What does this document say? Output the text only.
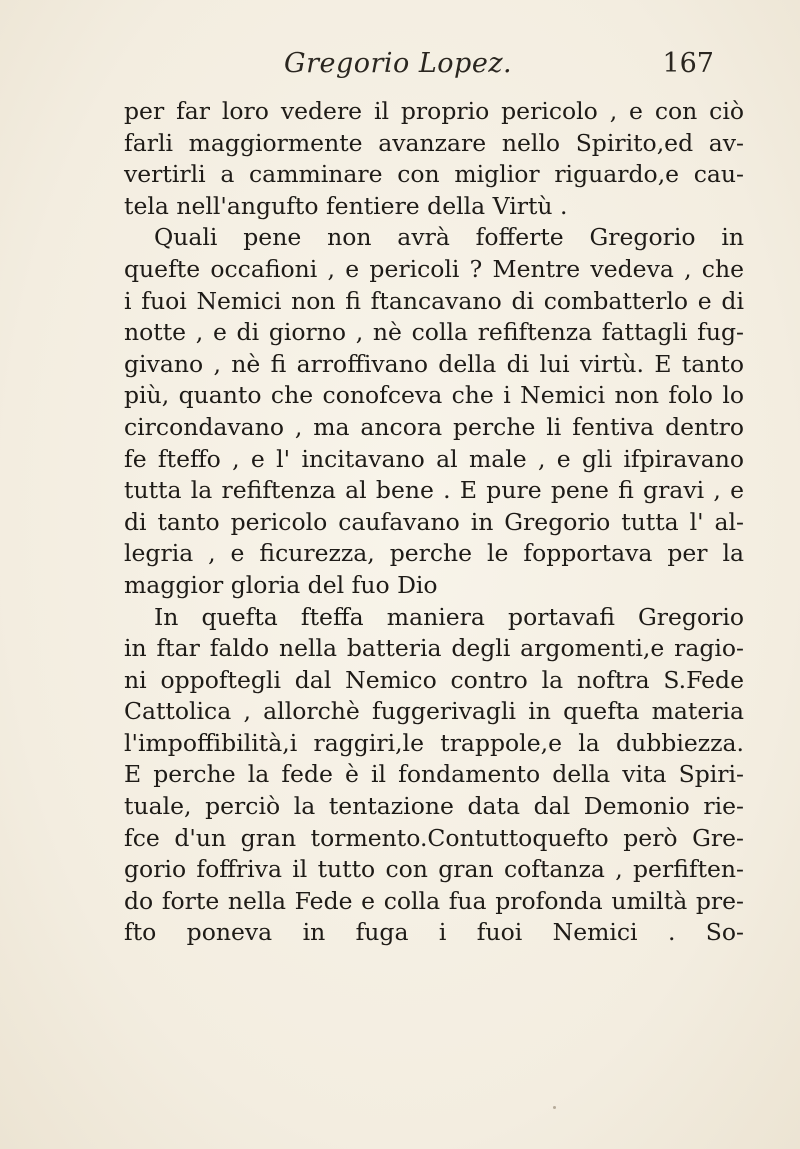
Gregorio Lopez.	167
per far loro vedere il proprio pericolo , e con ciò
farli maggiormente avanzare nello Spirito,ed av-
vertirli a camminare con miglior riguardo,e cau-
tela nell'angufto fentiere della Virtù .
Quali pene non avrà fofferte Gregorio in
quefte occafioni , e pericoli ? Mentre vedeva , che
i fuoi Nemici non fi ftancavano di combatterlo e di
notte , e di giorno , nè colla refiftenza fattagli fug-
givano , nè fi arroffivano della di lui virtù. E tanto
più, quanto che conofceva che i Nemici non folo lo
circondavano , ma ancora perche li fentiva dentro
fe fteffo , e l' incitavano al male , e gli ifpiravano
tutta la refiftenza al bene . E pure pene fi gravi , e
di tanto pericolo caufavano in Gregorio tutta l' al-
legria , e ficurezza, perche le fopportava per la
maggior gloria del fuo Dio
In quefta fteffa maniera portavafi Gregorio
in ftar faldo nella batteria degli argomenti,e ragio-
ni oppoftegli dal Nemico contro la noftra S.Fede
Cattolica , allorchè fuggerivagli in quefta materia
l'impoffibilità,i raggiri,le trappole,e la dubbiezza.
E perche la fede è il fondamento della vita Spiri-
tuale, perciò la tentazione data dal Demonio rie-
fce d'un gran tormento.Contuttoquefto però Gre-
gorio foffriva il tutto con gran coftanza , perfiften-
do forte nella Fede e colla fua profonda umiltà pre-
fto poneva in fuga i fuoi Nemici . So-
